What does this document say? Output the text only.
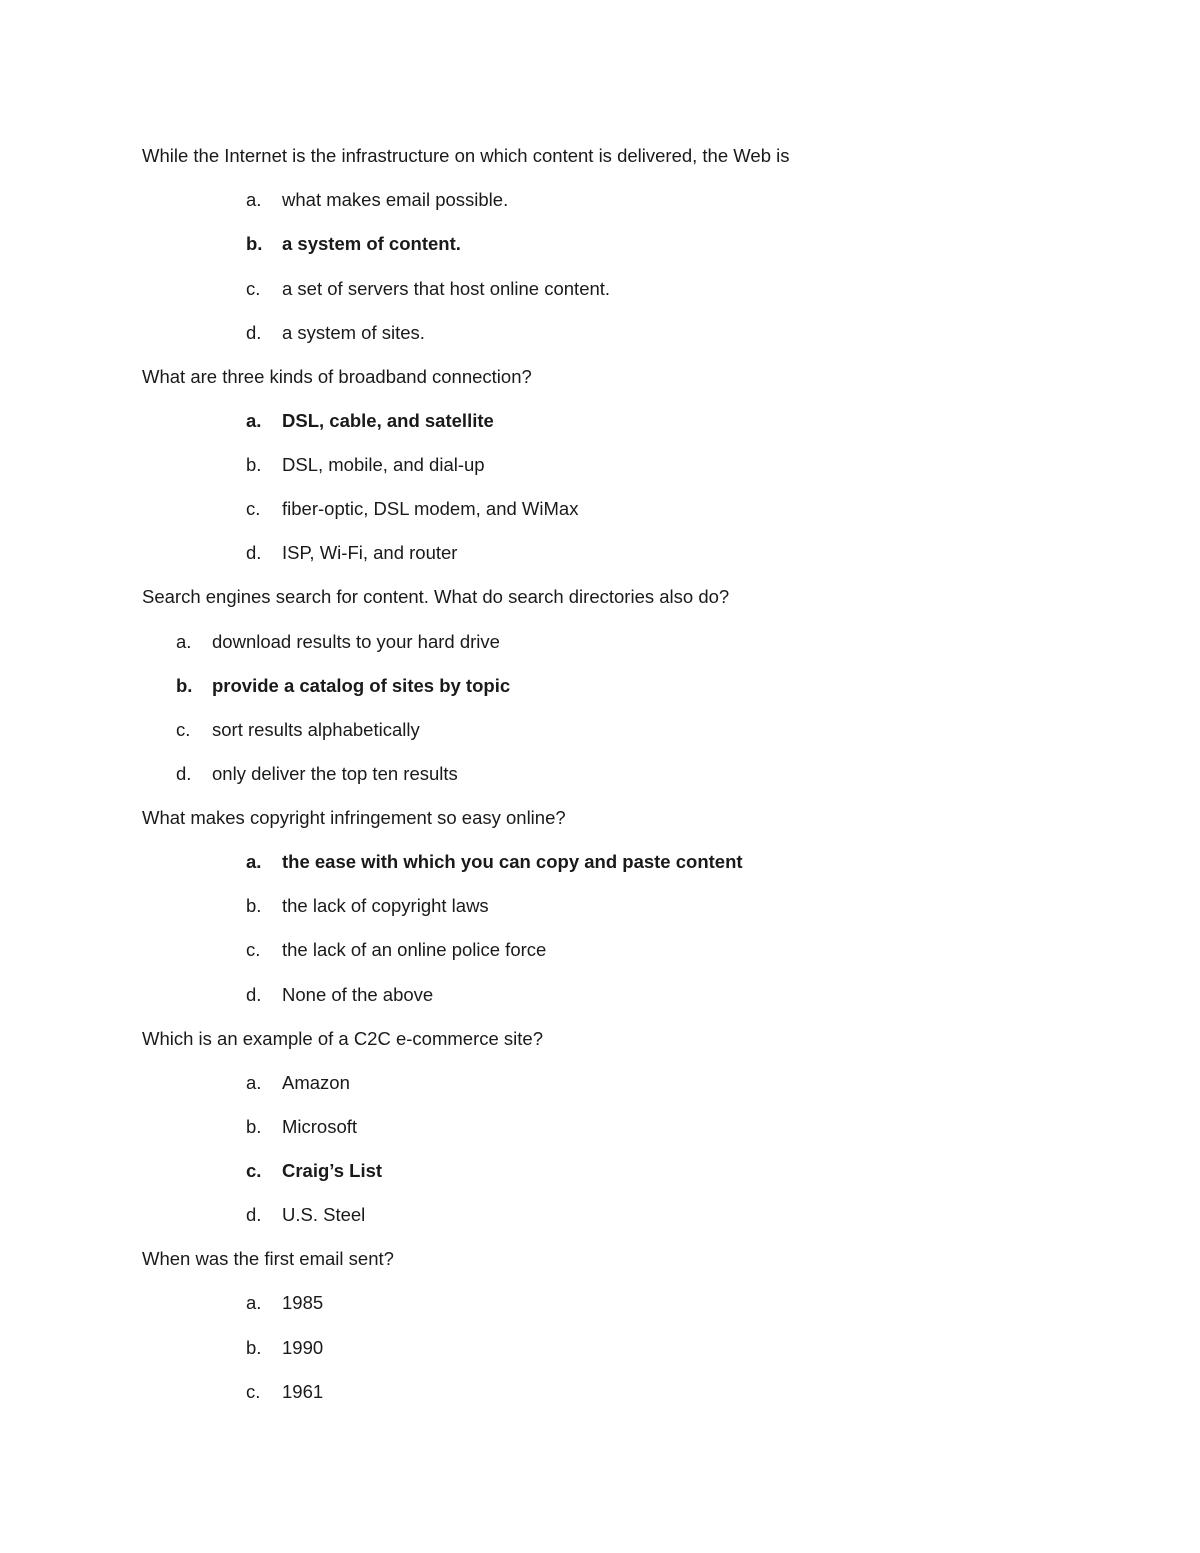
While the Internet is the infrastructure on which content is delivered, the Web is
a. what makes email possible.
b. a system of content.
c. a set of servers that host online content.
d. a system of sites.
What are three kinds of broadband connection?
a. DSL, cable, and satellite
b. DSL, mobile, and dial-up
c. fiber-optic, DSL modem, and WiMax
d. ISP, Wi-Fi, and router
Search engines search for content. What do search directories also do?
a. download results to your hard drive
b. provide a catalog of sites by topic
c. sort results alphabetically
d. only deliver the top ten results
What makes copyright infringement so easy online?
a. the ease with which you can copy and paste content
b. the lack of copyright laws
c. the lack of an online police force
d. None of the above
Which is an example of a C2C e-commerce site?
a. Amazon
b. Microsoft
c. Craig’s List
d. U.S. Steel
When was the first email sent?
a. 1985
b. 1990
c. 1961
